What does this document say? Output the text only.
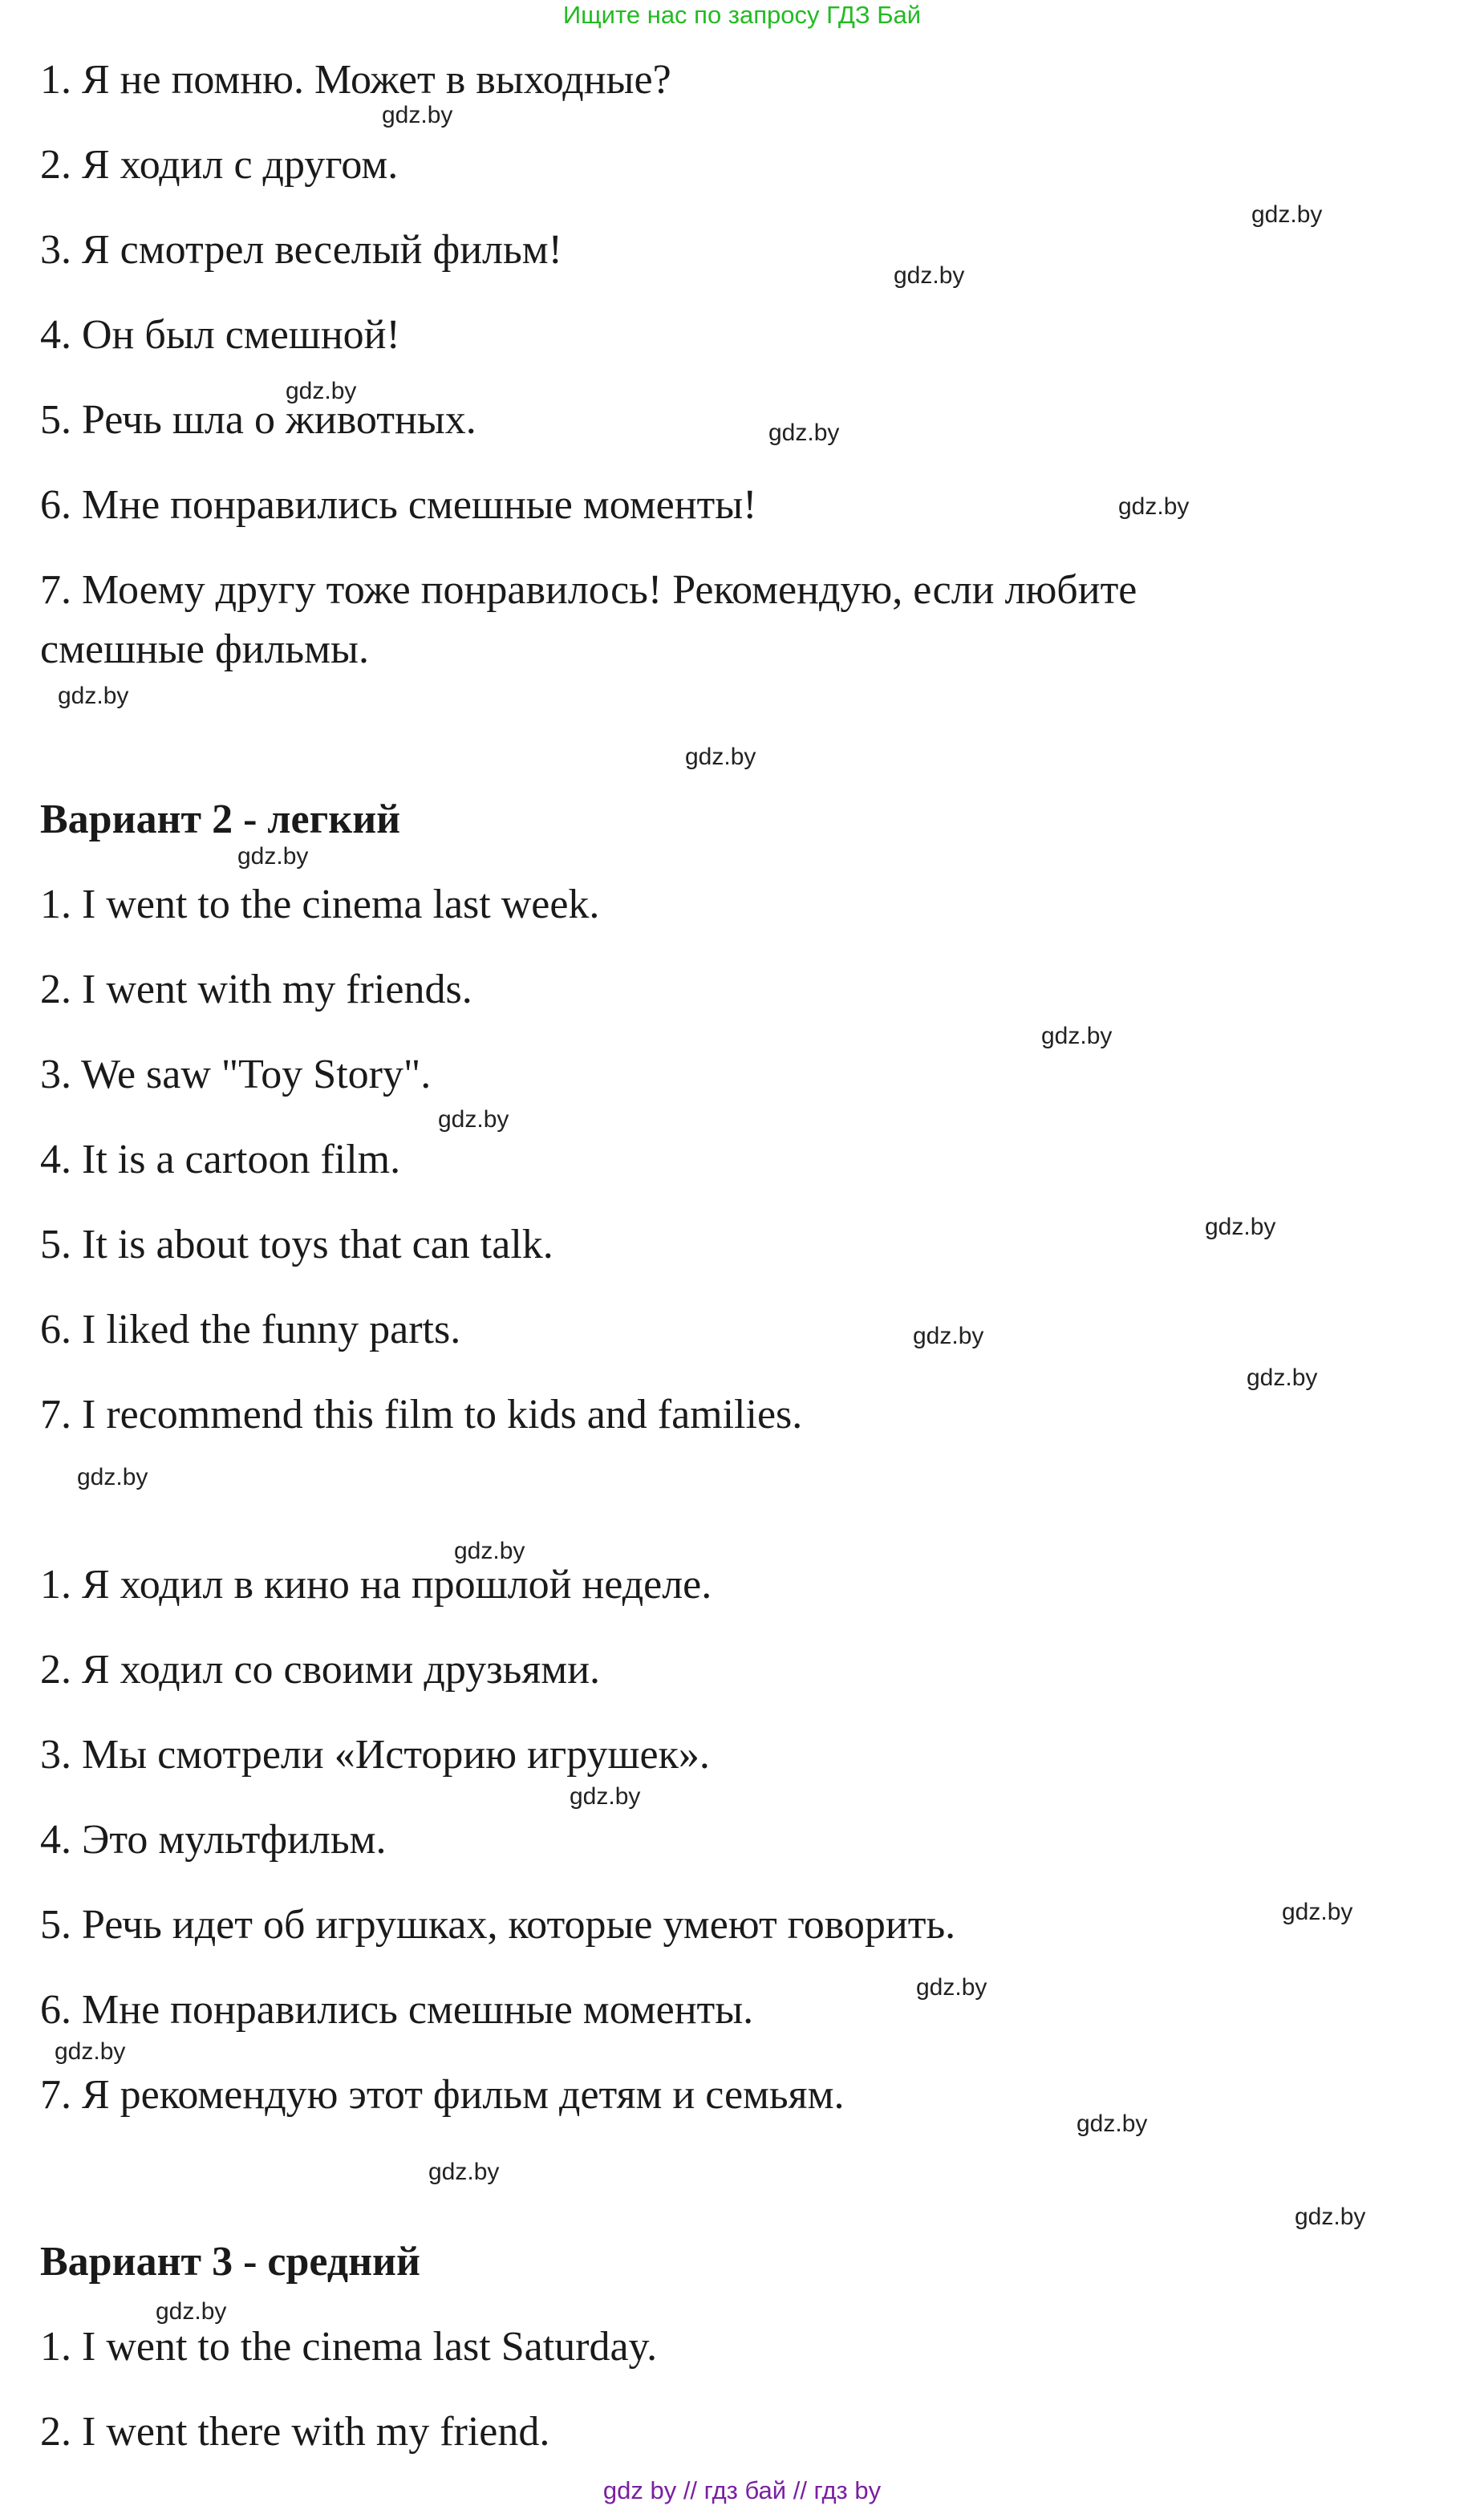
Ищите нас по запросу ГДЗ Бай
1. Я не помню. Может в выходные?
2. Я ходил с другом.
3. Я смотрел веселый фильм!
4. Он был смешной!
5. Речь шла о животных.
6. Мне понравились смешные моменты!
7. Моему другу тоже понравилось! Рекомендую, если любите
смешные фильмы.
Вариант 2 - легкий
1. I went to the cinema last week.
2. I went with my friends.
3. We saw "Toy Story".
4. It is a cartoon film.
5. It is about toys that can talk.
6. I liked the funny parts.
7. I recommend this film to kids and families.
1. Я ходил в кино на прошлой неделе.
2. Я ходил со своими друзьями.
3. Мы смотрели «Историю игрушек».
4. Это мультфильм.
5. Речь идет об игрушках, которые умеют говорить.
6. Мне понравились смешные моменты.
7. Я рекомендую этот фильм детям и семьям.
Вариант 3 - средний
1. I went to the cinema last Saturday.
2. I went there with my friend.
gdz.by
gdz.by
gdz.by
gdz.by
gdz.by
gdz.by
gdz.by
gdz.by
gdz.by
gdz.by
gdz.by
gdz.by
gdz.by
gdz.by
gdz.by
gdz.by
gdz.by
gdz.by
gdz.by
gdz.by
gdz.by
gdz.by
gdz.by
gdz.by
gdz by // гдз бай // гдз by
